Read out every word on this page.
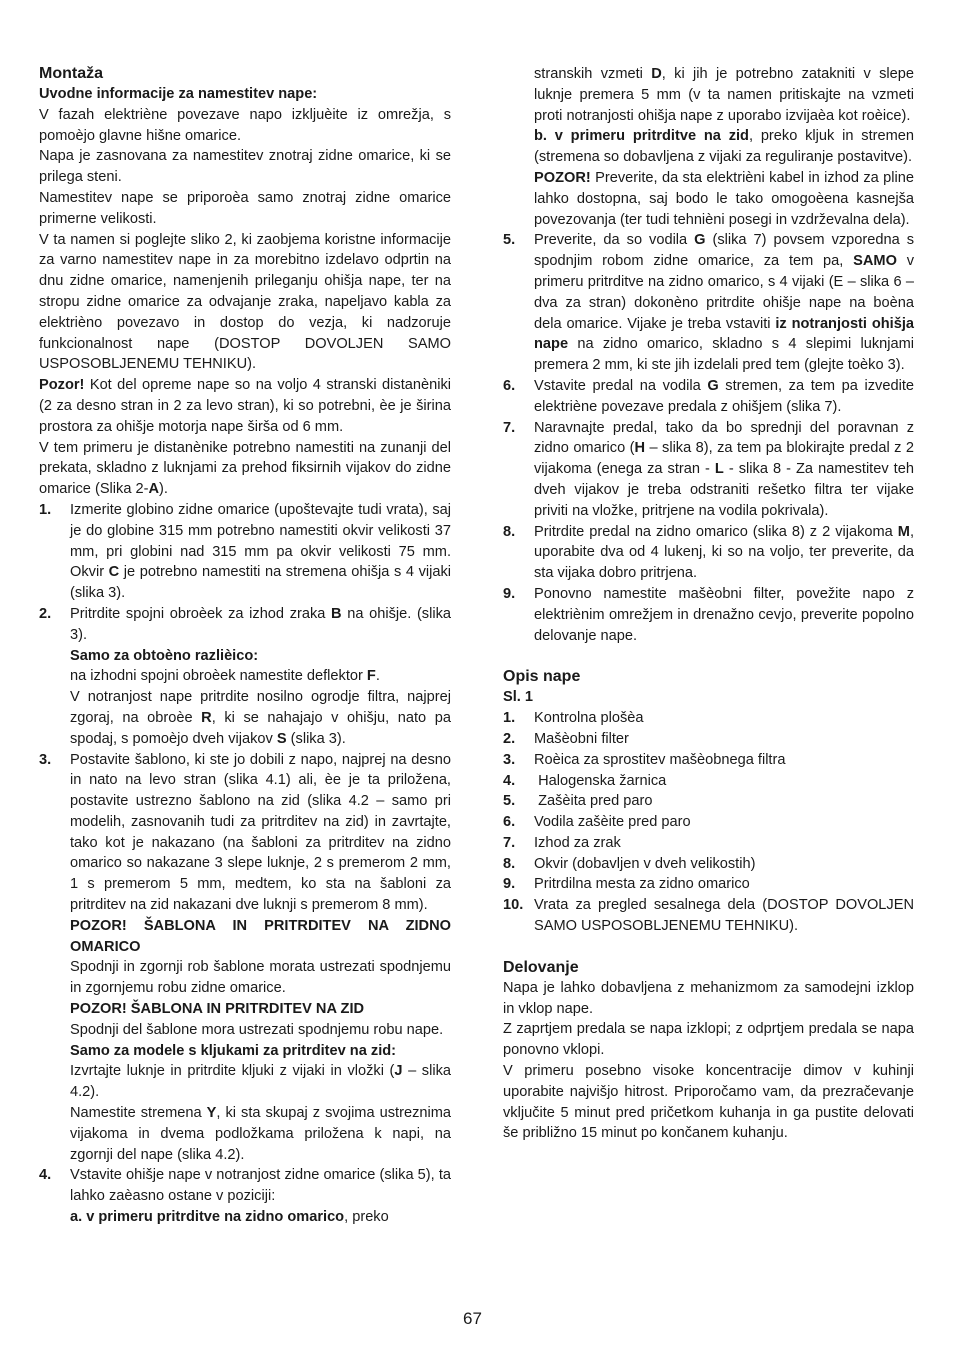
Montaža
Uvodne informacije za namestitev nape:

V fazah elektriène povezave napo izkljuèite iz omrežja, s pomoèjo glavne hišne omarice.

Napa je zasnovana za namestitev znotraj zidne omarice, ki se prilega steni.

Namestitev nape se priporoèa samo znotraj zidne omarice primerne velikosti.

V ta namen si poglejte sliko 2, ki zaobjema koristne informacije za varno namestitev nape in za morebitno izdelavo odprtin na dnu zidne omarice, namenjenih prileganju ohišja nape, ter na stropu zidne omarice za odvajanje zraka, napeljavo kabla za elektrièno povezavo in dostop do vezja, ki nadzoruje funkcionalnost nape (DOSTOP DOVOLJEN SAMO USPOSOBLJENEMU TEHNIKU).

Pozor! Kot del opreme nape so na voljo 4 stranski distanèniki (2 za desno stran in 2 za levo stran), ki so potrebni, èe je širina prostora za ohišje motorja nape širša od 6 mm.

V tem primeru je distanènike potrebno namestiti na zunanji del prekata, skladno z luknjami za prehod fiksirnih vijakov do zidne omarice (Slika 2-A).

1. Izmerite globino zidne omarice (upoštevajte tudi vrata), saj je do globine 315 mm potrebno namestiti okvir velikosti 37 mm, pri globini nad 315 mm pa okvir velikosti 75 mm. Okvir C je potrebno namestiti na stremena ohišja s 4 vijaki (slika 3).
2. Pritrdite spojni obroèek za izhod zraka B na ohišje. (slika 3).

Samo za obtoèno razlièico:

na izhodni spojni obroèek namestite deflektor F.

V notranjost nape pritrdite nosilno ogrodje filtra, najprej zgoraj, na obroèe R, ki se nahajajo v ohišju, nato pa spodaj, s pomoèjo dveh vijakov S (slika 3).

3. Postavite šablono, ki ste jo dobili z napo, najprej na desno in nato na levo stran (slika 4.1) ali, èe je ta priložena, postavite ustrezno šablono na zid (slika 4.2 – samo pri modelih, zasnovanih tudi za pritrditev na zid) in zavrtajte, tako kot je nakazano (na šabloni za pritrditev na zidno omarico so nakazane 3 slepe luknje, 2 s premerom 2 mm, 1 s premerom 5 mm, medtem, ko sta na šabloni za pritrditev na zid nakazani dve luknji s premerom 8 mm).

POZOR! ŠABLONA IN PRITRDITEV NA ZIDNO OMARICO

Spodnji in zgornji rob šablone morata ustrezati spodnjemu in zgornjemu robu zidne omarice.

POZOR! ŠABLONA IN PRITRDITEV NA ZID

Spodnji del šablone mora ustrezati spodnjemu robu nape.

Samo za modele s kljukami za pritrditev na zid:

Izvrtajte luknje in pritrdite kljuki z vijaki in vložki (J – slika 4.2).

Namestite stremena Y, ki sta skupaj z svojima ustreznima vijakoma in dvema podložkama priložena k napi, na zgornji del nape (slika 4.2).

4. Vstavite ohišje nape v notranjost zidne omarice (slika 5), ta lahko zaèasno ostane v poziciji:

a. v primeru pritrditve na zidno omarico, preko

stranskih vzmeti D, ki jih je potrebno zatakniti v slepe luknje premera 5 mm (v ta namen pritiskajte na vzmeti proti notranjosti ohišja nape z uporabo izvijaèa kot roèice).

b. v primeru pritrditve na zid, preko kljuk in stremen (stremena so dobavljena z vijaki za reguliranje postavitve).

POZOR! Preverite, da sta elektrièni kabel in izhod za pline lahko dostopna, saj bodo le tako omogoèena kasnejša povezovanja (ter tudi tehnièni posegi in vzdrževalna dela).

5. Preverite, da so vodila G (slika 7) povsem vzporedna s spodnjim robom zidne omarice, za tem pa, SAMO v primeru pritrditve na zidno omarico, s 4 vijaki (E – slika 6 – dva za stran) dokonèno pritrdite ohišje nape na boèna dela omarice. Vijake je treba vstaviti iz notranjosti ohišja nape na zidno omarico, skladno s 4 slepimi luknjami premera 2 mm, ki ste jih izdelali pred tem (glejte toèko 3).
6. Vstavite predal na vodila G stremen, za tem pa izvedite elektriène povezave predala z ohišjem (slika 7).
7. Naravnajte predal, tako da bo sprednji del poravnan z zidno omarico (H – slika 8), za tem pa blokirajte predal z 2 vijakoma (enega za stran - L - slika 8 - Za namestitev teh dveh vijakov je treba odstraniti rešetko filtra ter vijake priviti na vložke, pritrjene na vodila pokrivala).
8. Pritrdite predal na zidno omarico (slika 8) z 2 vijakoma M, uporabite dva od 4 lukenj, ki so na voljo, ter preverite, da sta vijaka dobro pritrjena.
9. Ponovno namestite mašèobni filter, povežite napo z elektriènim omrežjem in drenažno cevjo, preverite popolno delovanje nape.
Opis nape
Sl. 1
1. Kontrolna plošèa
2. Mašèobni filter
3. Roèica za sprostitev mašèobnega filtra
4. Halogenska žarnica
5. Zašèita pred paro
6. Vodila zašèite pred paro
7. Izhod za zrak
8. Okvir (dobavljen v dveh velikostih)
9. Pritrdilna mesta za zidno omarico
10. Vrata za pregled sesalnega dela (DOSTOP DOVOLJEN SAMO USPOSOBLJENEMU TEHNIKU).
Delovanje

Napa je lahko dobavljena z mehanizmom za samodejni izklop in vklop nape.

Z zaprtjem predala se napa izklopi; z odprtjem predala se napa ponovno vklopi.

V primeru posebno visoke koncentracije dimov v kuhinji uporabite najvišjo hitrost. Priporočamo vam, da prezračevanje vključite 5 minut pred pričetkom kuhanja in ga pustite delovati še približno 15 minut po končanem kuhanju.

67
